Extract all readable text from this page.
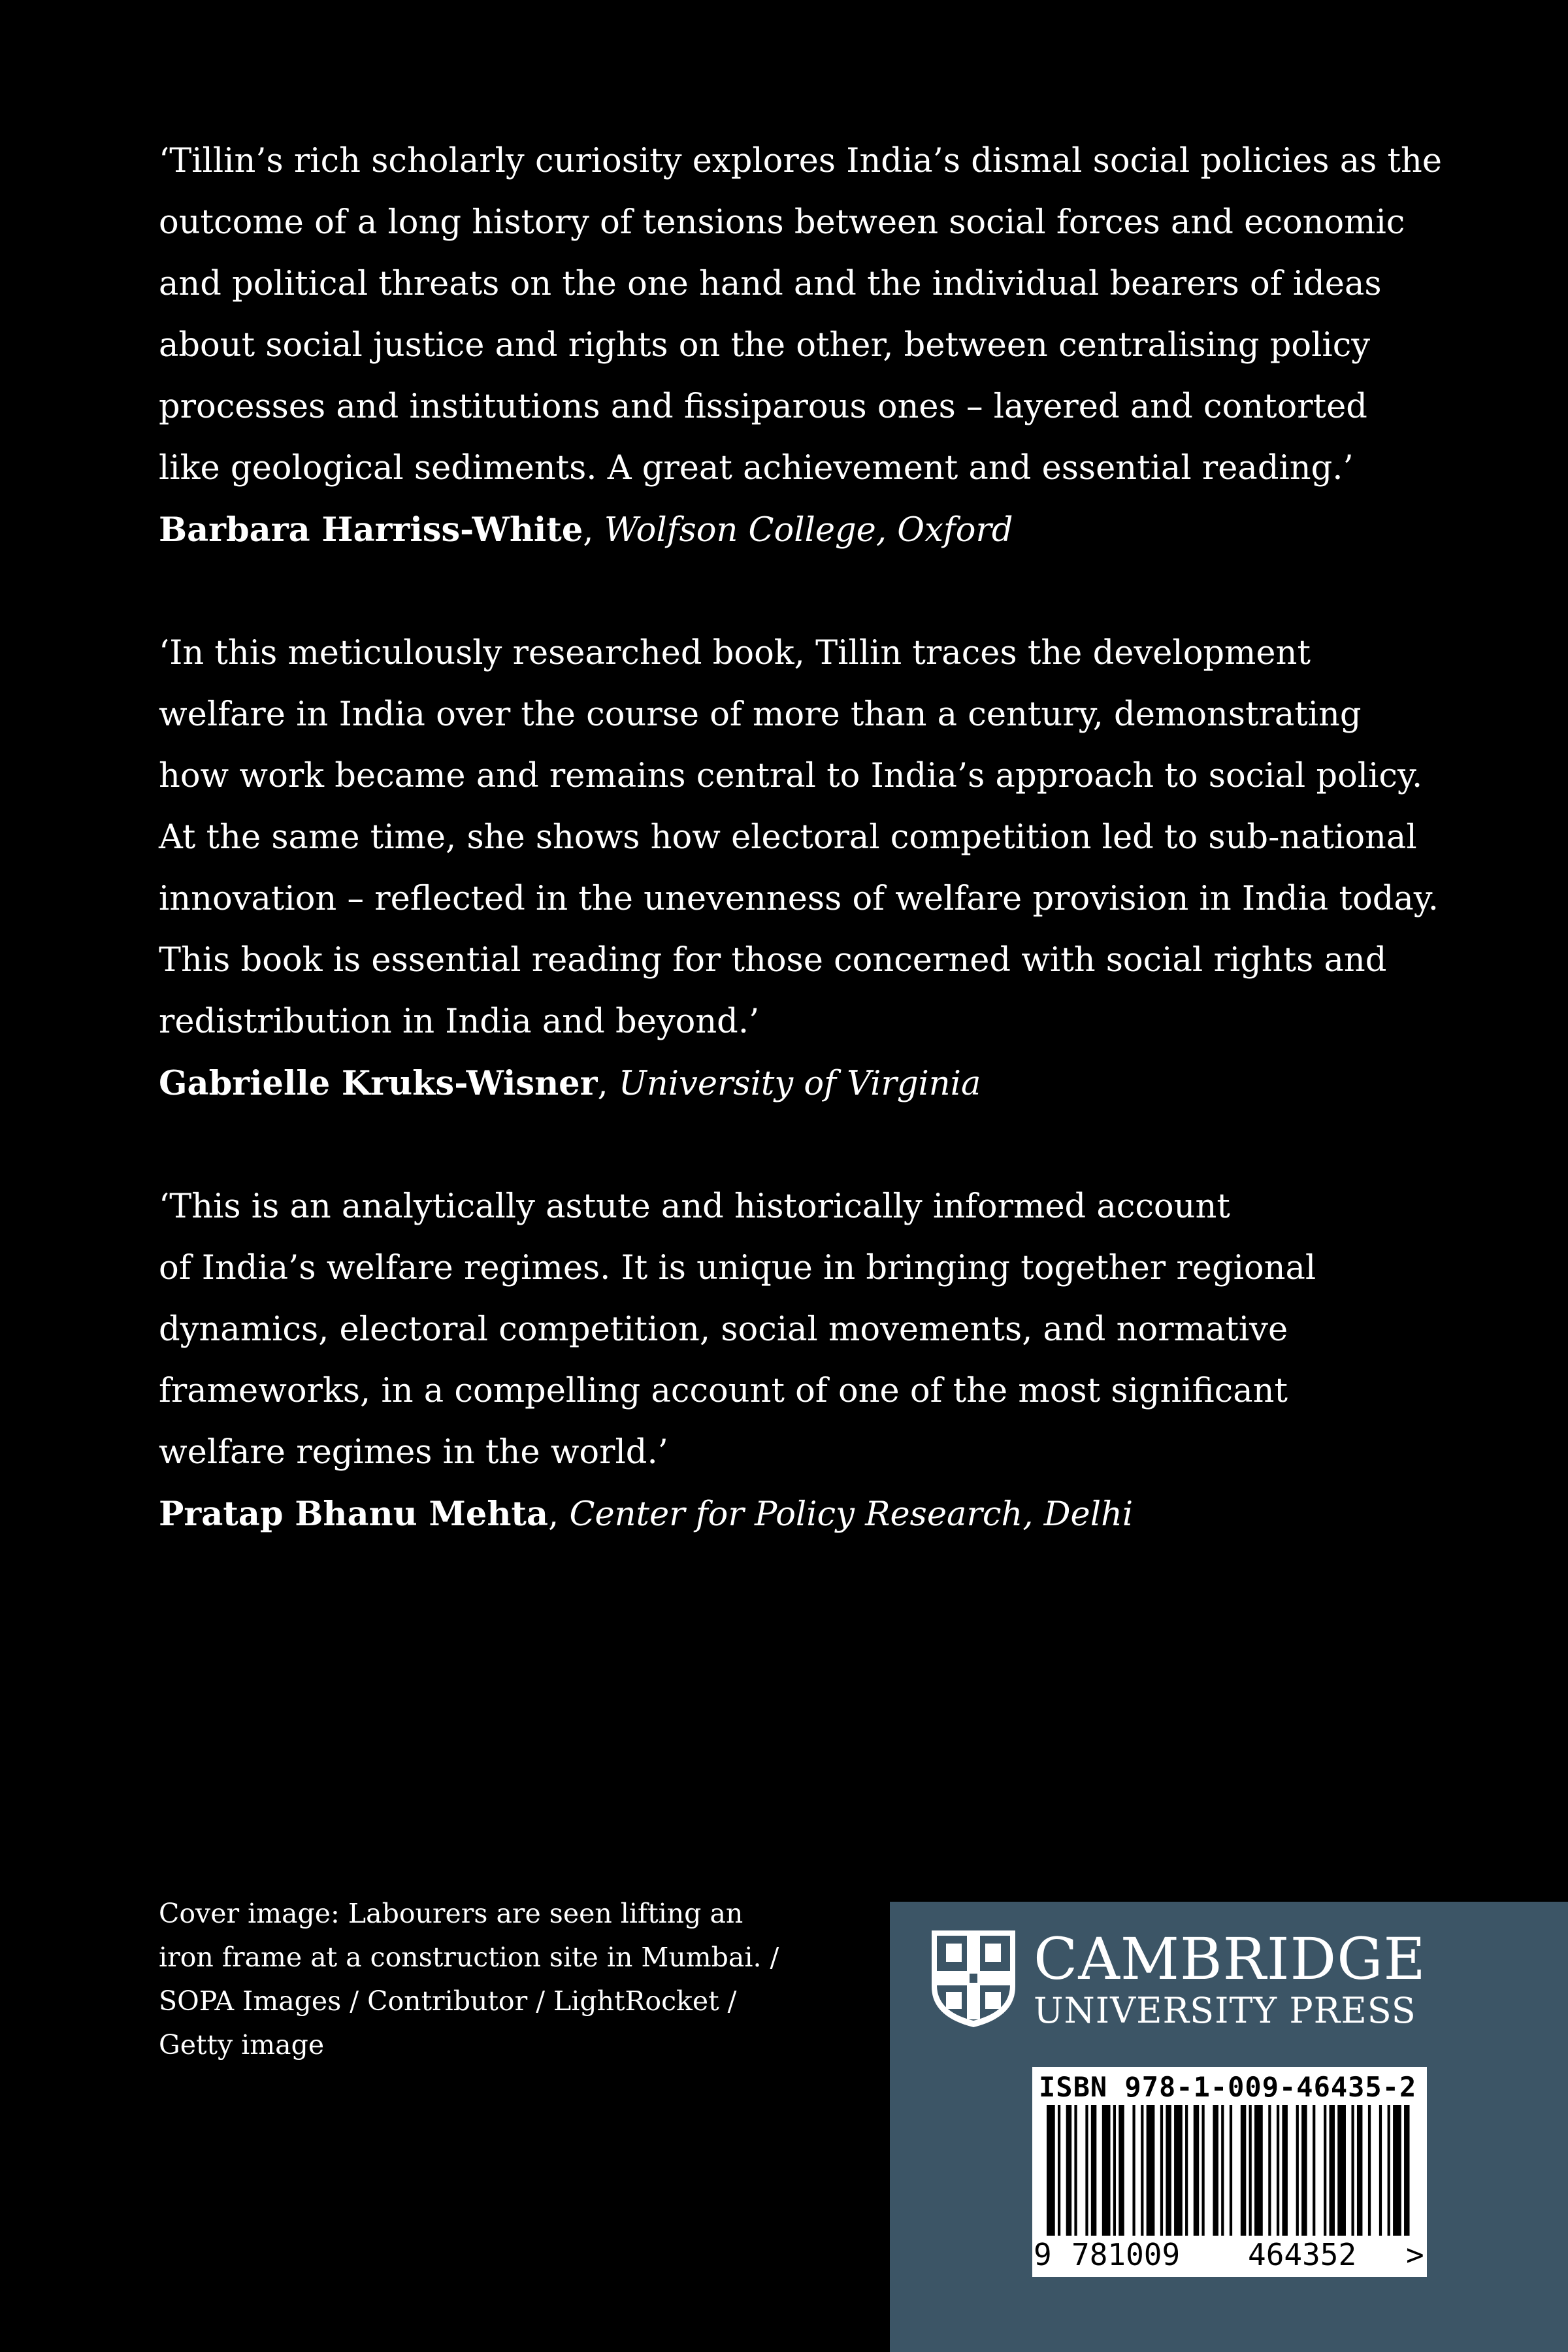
‘Tillin’s rich scholarly curiosity explores India’s dismal social policies as the
outcome of a long history of tensions between social forces and economic
and political threats on the one hand and the individual bearers of ideas
about social justice and rights on the other, between centralising policy
processes and institutions and fissiparous ones – layered and contorted
like geological sediments. A great achievement and essential reading.’

Barbara Harriss-White, Wolfson College, Oxford

‘In this meticulously researched book, Tillin traces the development
welfare in India over the course of more than a century, demonstrating
how work became and remains central to India’s approach to social policy.
At the same time, she shows how electoral competition led to sub-national
innovation – reflected in the unevenness of welfare provision in India today.
This book is essential reading for those concerned with social rights and
redistribution in India and beyond.’

Gabrielle Kruks-Wisner, University of Virginia

‘This is an analytically astute and historically informed account
of India’s welfare regimes. It is unique in bringing together regional
dynamics, electoral competition, social movements, and normative
frameworks, in a compelling account of one of the most significant
welfare regimes in the world.’

Pratap Bhanu Mehta, Center for Policy Research, Delhi

Cover image: Labourers are seen lifting an
iron frame at a construction site in Mumbai. /
SOPA Images / Contributor / LightRocket /
Getty image
CAMBRIDGE
UNIVERSITY PRESS
ISBN 978-1-009-46435-2
9 781009 464352 >
